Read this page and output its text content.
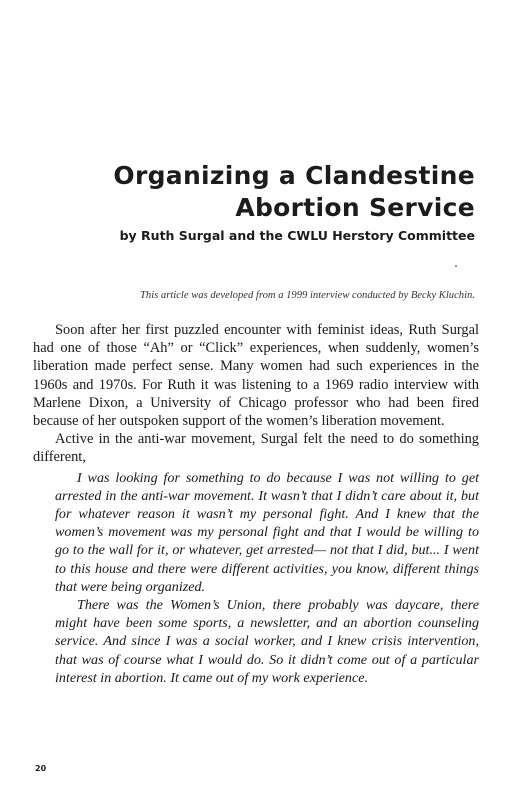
Organizing a Clandestine
Abortion Service
by Ruth Surgal and the CWLU Herstory Committee
This article was developed from a 1999 interview conducted by Becky Kluchin.

Soon after her first puzzled encounter with feminist ideas, Ruth Surgal had one of those “Ah” or “Click” experiences, when suddenly, women’s liberation made perfect sense. Many women had such experiences in the 1960s and 1970s. For Ruth it was listening to a 1969 radio interview with Marlene Dixon, a University of Chicago professor who had been fired because of her outspoken support of the women’s liberation movement.

Active in the anti-war movement, Surgal felt the need to do something different,

I was looking for something to do because I was not willing to get arrested in the anti-war movement. It wasn’t that I didn’t care about it, but for whatever reason it wasn’t my personal fight. And I knew that the women’s movement was my personal fight and that I would be willing to go to the wall for it, or whatever, get arrested— not that I did, but... I went to this house and there were different activities, you know, different things that were being organized.

There was the Women’s Union, there probably was daycare, there might have been some sports, a newsletter, and an abortion counseling service. And since I was a social worker, and I knew crisis intervention, that was of course what I would do. So it didn’t come out of a particular interest in abortion. It came out of my work experience.

20
